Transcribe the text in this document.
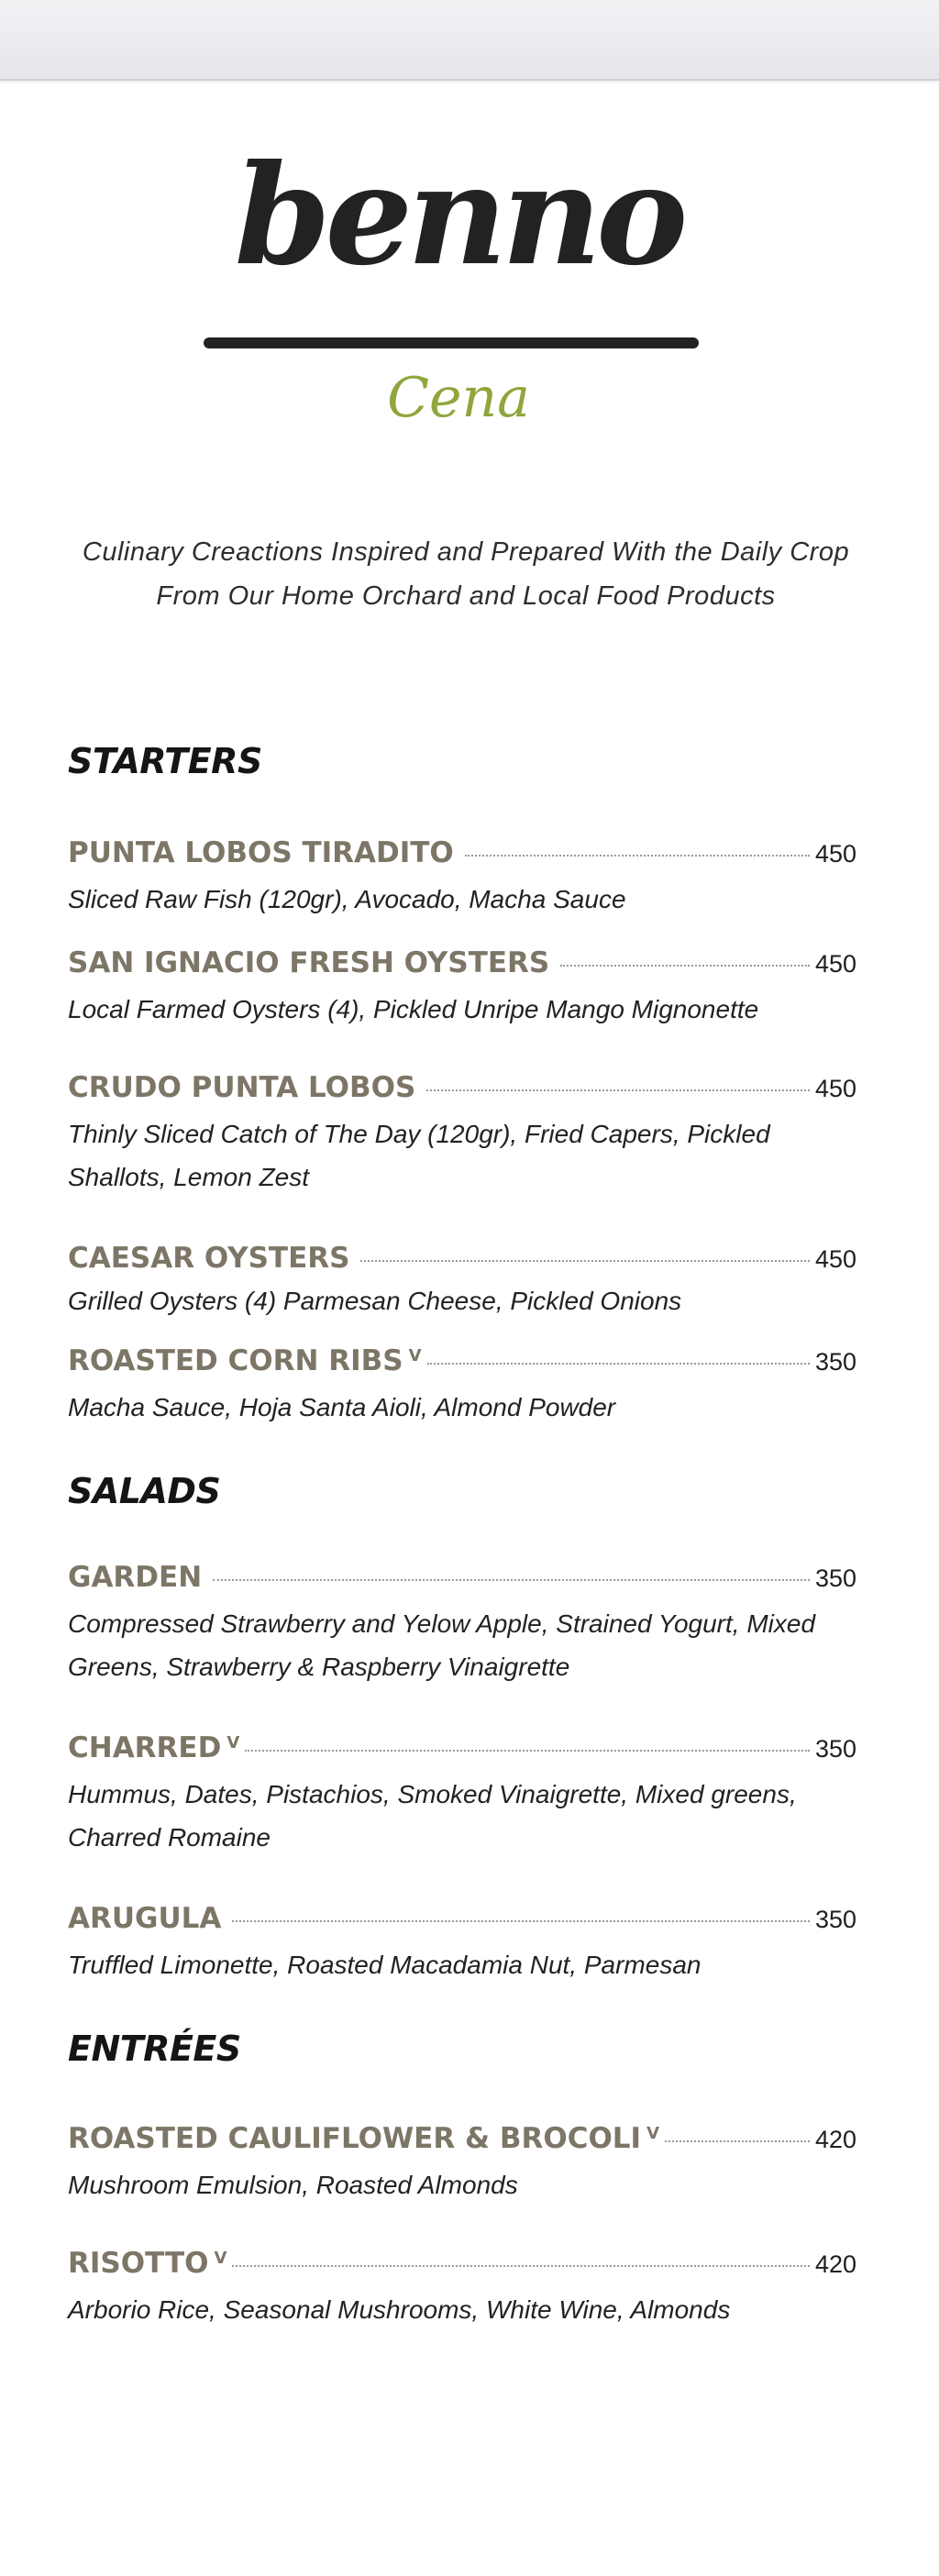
benno
Cena
Culinary Creactions Inspired and Prepared With the Daily Crop From Our Home Orchard and Local Food Products
STARTERS
PUNTA LOBOS TIRADITO	450
Sliced Raw Fish (120gr), Avocado, Macha Sauce
SAN IGNACIO FRESH OYSTERS	450
Local Farmed Oysters (4), Pickled Unripe Mango Mignonette
CRUDO PUNTA LOBOS	450
Thinly Sliced Catch of The Day (120gr), Fried Capers, Pickled Shallots, Lemon Zest
CAESAR OYSTERS	450
Grilled Oysters (4) Parmesan Cheese, Pickled Onions
ROASTED CORN RIBS V	350
Macha Sauce, Hoja Santa Aioli, Almond Powder
SALADS
GARDEN	350
Compressed Strawberry and Yelow Apple, Strained Yogurt, Mixed Greens, Strawberry & Raspberry Vinaigrette
CHARRED V	350
Hummus, Dates, Pistachios, Smoked Vinaigrette, Mixed greens, Charred Romaine
ARUGULA	350
Truffled Limonette, Roasted Macadamia Nut, Parmesan
ENTRÉES
ROASTED CAULIFLOWER & BROCOLI V	420
Mushroom Emulsion, Roasted Almonds
RISOTTO V	420
Arborio Rice, Seasonal Mushrooms, White Wine, Almonds
